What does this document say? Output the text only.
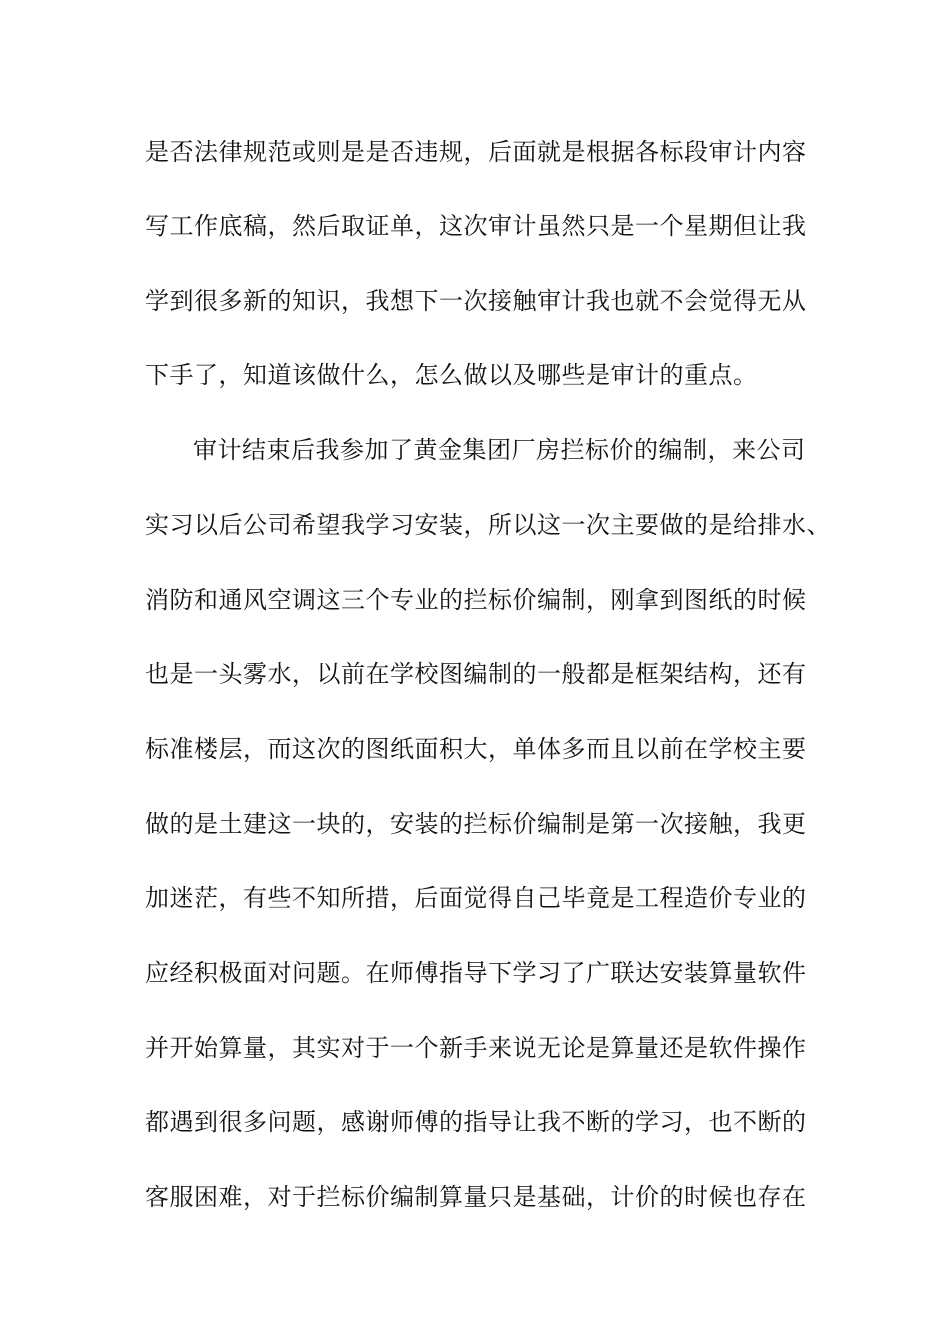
是否法律规范或则是是否违规，后面就是根据各标段审计内容
写工作底稿，然后取证单，这次审计虽然只是一个星期但让我
学到很多新的知识，我想下一次接触审计我也就不会觉得无从
下手了，知道该做什么，怎么做以及哪些是审计的重点。
审计结束后我参加了黄金集团厂房拦标价的编制，来公司
实习以后公司希望我学习安装，所以这一次主要做的是给排水、
消防和通风空调这三个专业的拦标价编制，刚拿到图纸的时候
也是一头雾水，以前在学校图编制的一般都是框架结构，还有
标准楼层，而这次的图纸面积大，单体多而且以前在学校主要
做的是土建这一块的，安装的拦标价编制是第一次接触，我更
加迷茫，有些不知所措，后面觉得自己毕竟是工程造价专业的
应经积极面对问题。在师傅指导下学习了广联达安装算量软件
并开始算量，其实对于一个新手来说无论是算量还是软件操作
都遇到很多问题，感谢师傅的指导让我不断的学习，也不断的
客服困难，对于拦标价编制算量只是基础，计价的时候也存在
